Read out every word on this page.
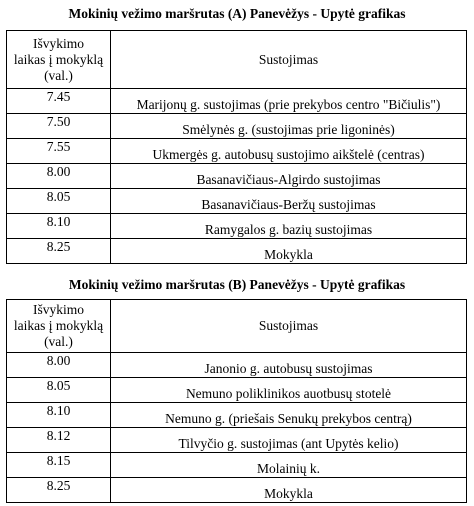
Mokinių vežimo maršrutas (A) Panevėžys - Upytė grafikas
Išvykimo
laikas į mokyklą
(val.)	Sustojimas
7.45	Marijonų g. sustojimas (prie prekybos centro "Bičiulis")
7.50	Smėlynės g. (sustojimas prie ligoninės)
7.55	Ukmergės g. autobusų sustojimo aikštelė (centras)
8.00	Basanavičiaus-Algirdo sustojimas
8.05	Basanavičiaus-Beržų sustojimas
8.10	Ramygalos g. bazių sustojimas
8.25	Mokykla
Mokinių vežimo maršrutas (B) Panevėžys - Upytė grafikas
Išvykimo
laikas į mokyklą
(val.)	Sustojimas
8.00	Janonio g. autobusų sustojimas
8.05	Nemuno poliklinikos auotbusų stotelė
8.10	Nemuno g. (priešais Senukų prekybos centrą)
8.12	Tilvyčio g. sustojimas (ant Upytės kelio)
8.15	Molainių k.
8.25	Mokykla
